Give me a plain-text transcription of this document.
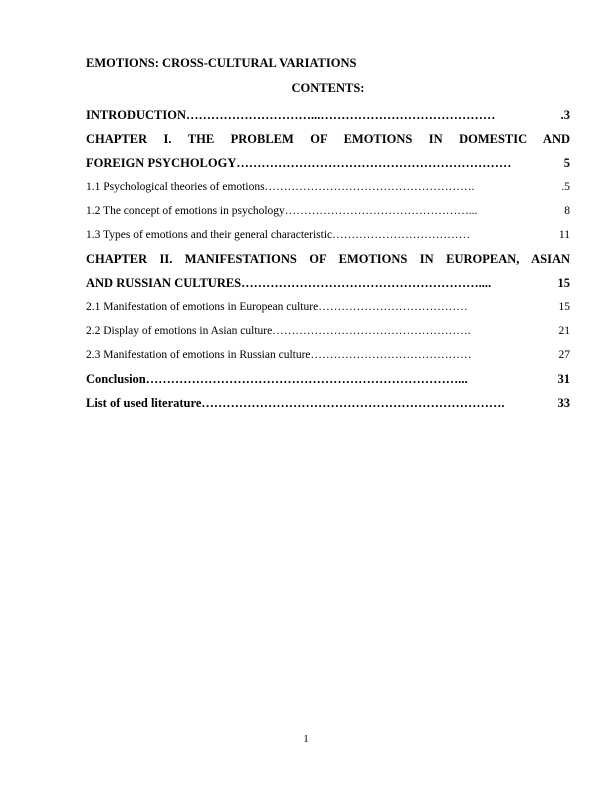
EMOTIONS: CROSS-CULTURAL VARIATIONS
CONTENTS:
INTRODUCTION …………………………...……………………………………	.3
CHAPTER I. THE PROBLEM OF EMOTIONS IN DOMESTIC AND
FOREIGN PSYCHOLOGY …………………………………………………………	5
1.1 Psychological theories of emotions ……………………………………………….	.5
1.2 The concept of emotions in psychology …………………………………………...	8
1.3 Types of emotions and their general characteristic ………………………………	11
CHAPTER II. MANIFESTATIONS OF EMOTIONS IN EUROPEAN, ASIAN
AND RUSSIAN CULTURES …………………………………………………....	15
2.1 Manifestation of emotions in European culture …………………………………	15
2.2 Display of emotions in Asian culture …………………………………………….	21
2.3 Manifestation of emotions in Russian culture ……………………………………	27
Conclusion …………………………………………………………………...	31
List of used literature ……………………………………………………………….	33
1
